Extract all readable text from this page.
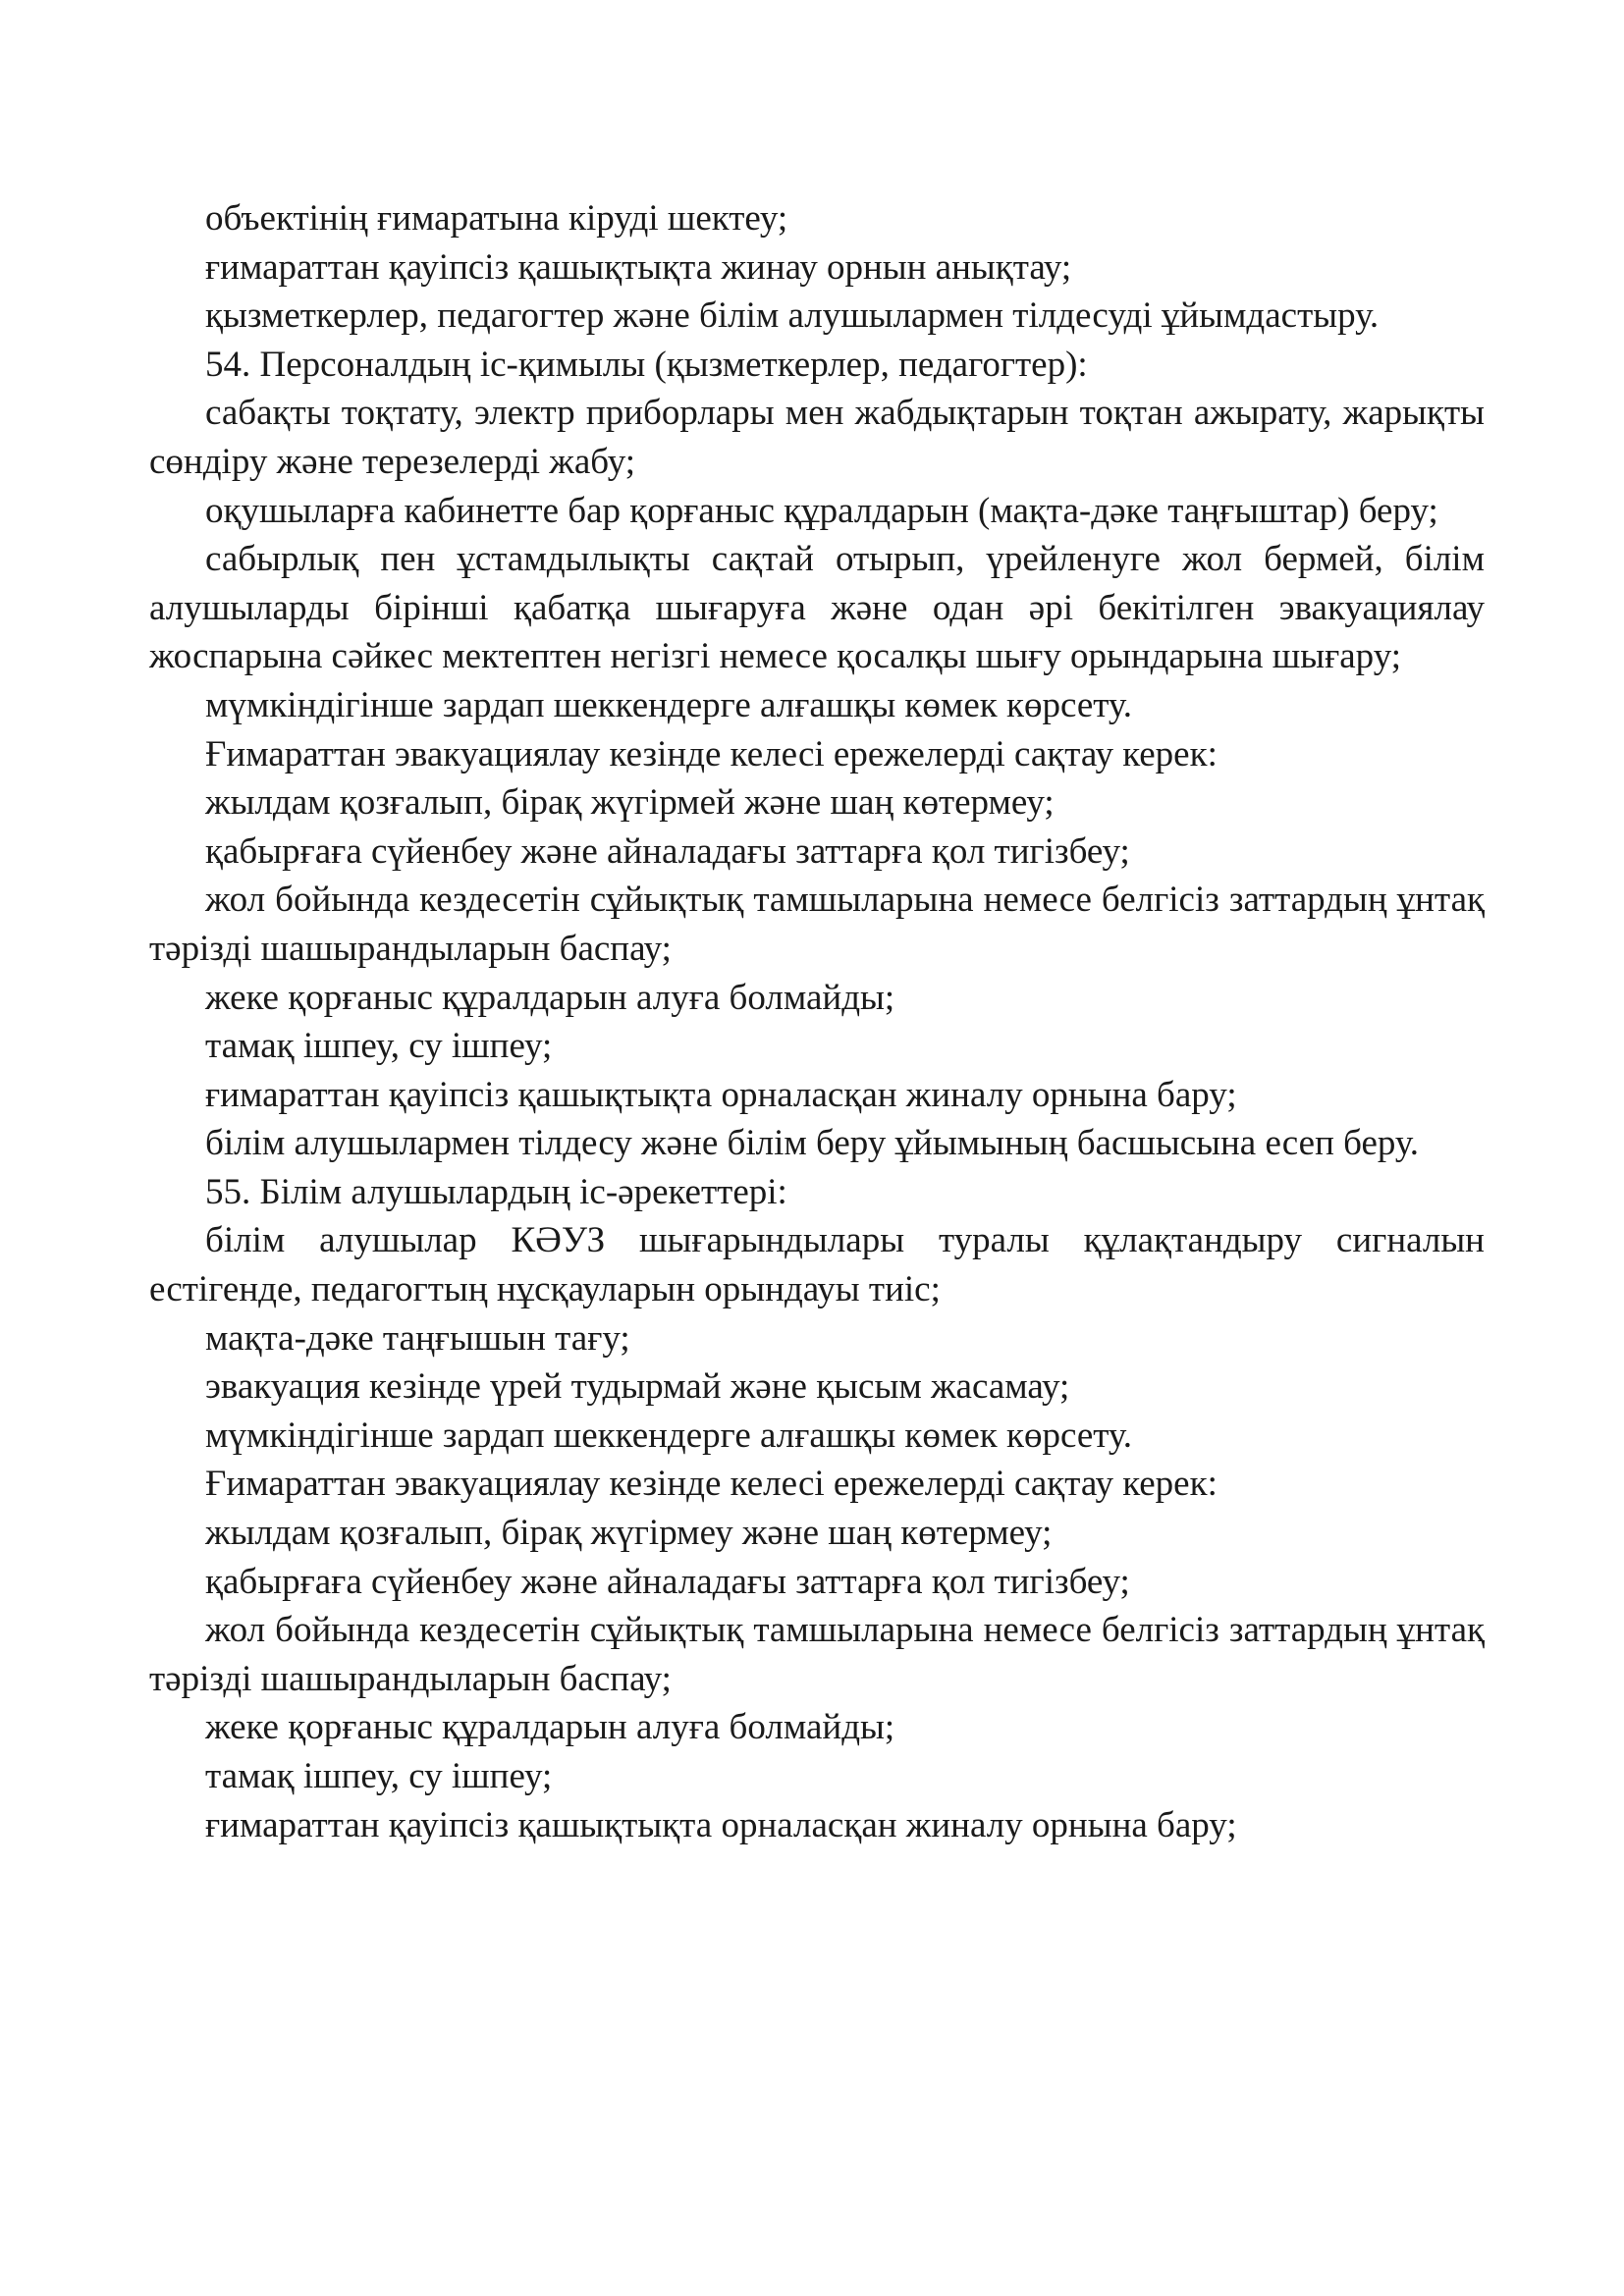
объектінің ғимаратына кіруді шектеу;

ғимараттан қауіпсіз қашықтықта жинау орнын анықтау;

қызметкерлер, педагогтер және білім алушылармен тілдесуді ұйымдастыру.

54. Персоналдың іс-қимылы (қызметкерлер, педагогтер):

сабақты тоқтату, электр приборлары мен жабдықтарын тоқтан ажырату, жарықты сөндіру және терезелерді жабу;

оқушыларға кабинетте бар қорғаныс құралдарын (мақта-дәке таңғыштар) беру;

сабырлық пен ұстамдылықты сақтай отырып, үрейленуге жол бермей, білім алушыларды бірінші қабатқа шығаруға және одан әрі бекітілген эвакуациялау жоспарына сәйкес мектептен негізгі немесе қосалқы шығу орындарына шығару;

мүмкіндігінше зардап шеккендерге алғашқы көмек көрсету.

Ғимараттан эвакуациялау кезінде келесі ережелерді сақтау керек:

жылдам қозғалып, бірақ жүгірмей және шаң көтермеу;

қабырғаға сүйенбеу және айналадағы заттарға қол тигізбеу;

жол бойында кездесетін сұйықтық тамшыларына немесе белгісіз заттардың ұнтақ тәрізді шашырандыларын баспау;

жеке қорғаныс құралдарын алуға болмайды;

тамақ ішпеу, су ішпеу;

ғимараттан қауіпсіз қашықтықта орналасқан жиналу орнына бару;

білім алушылармен тілдесу және білім беру ұйымының басшысына есеп беру.

55. Білім алушылардың іс-әрекеттері:

білім алушылар КӘУЗ шығарындылары туралы құлақтандыру сигналын естігенде, педагогтың нұсқауларын орындауы тиіс;

мақта-дәке таңғышын тағу;

эвакуация кезінде үрей тудырмай және қысым жасамау;

мүмкіндігінше зардап шеккендерге алғашқы көмек көрсету.

Ғимараттан эвакуациялау кезінде келесі ережелерді сақтау керек:

жылдам қозғалып, бірақ жүгірмеу және шаң көтермеу;

қабырғаға сүйенбеу және айналадағы заттарға қол тигізбеу;

жол бойында кездесетін сұйықтық тамшыларына немесе белгісіз заттардың ұнтақ тәрізді шашырандыларын баспау;

жеке қорғаныс құралдарын алуға болмайды;

тамақ ішпеу, су ішпеу;

ғимараттан қауіпсіз қашықтықта орналасқан жиналу орнына бару;
